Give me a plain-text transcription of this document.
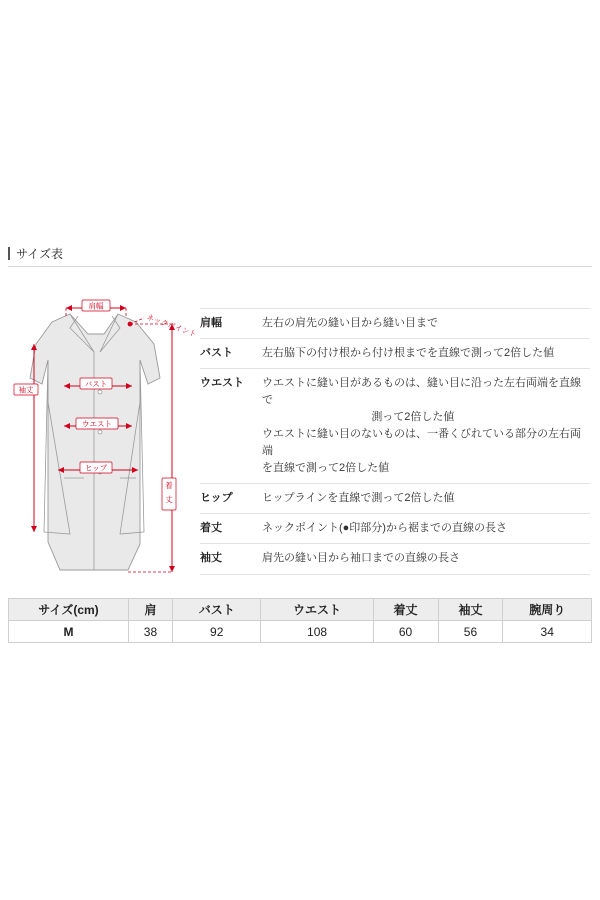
サイズ表
肩幅
ネックポイント
バスト
ウエスト
ヒップ
袖丈
着
丈
肩幅	左右の肩先の縫い目から縫い目まで
バスト	左右脇下の付け根から付け根までを直線で測って2倍した値
ウエスト	ウエストに縫い目があるものは、縫い目に沿った左右両端を直線で
測って2倍した値
ウエストに縫い目のないものは、一番くびれている部分の左右両端
を直線で測って2倍した値
ヒップ	ヒップラインを直線で測って2倍した値
着丈	ネックポイント(●印部分)から裾までの直線の長さ
袖丈	肩先の縫い目から袖口までの直線の長さ
サイズ(cm)	肩	バスト	ウエスト	着丈	袖丈	腕周り
M	38	92	108	60	56	34
